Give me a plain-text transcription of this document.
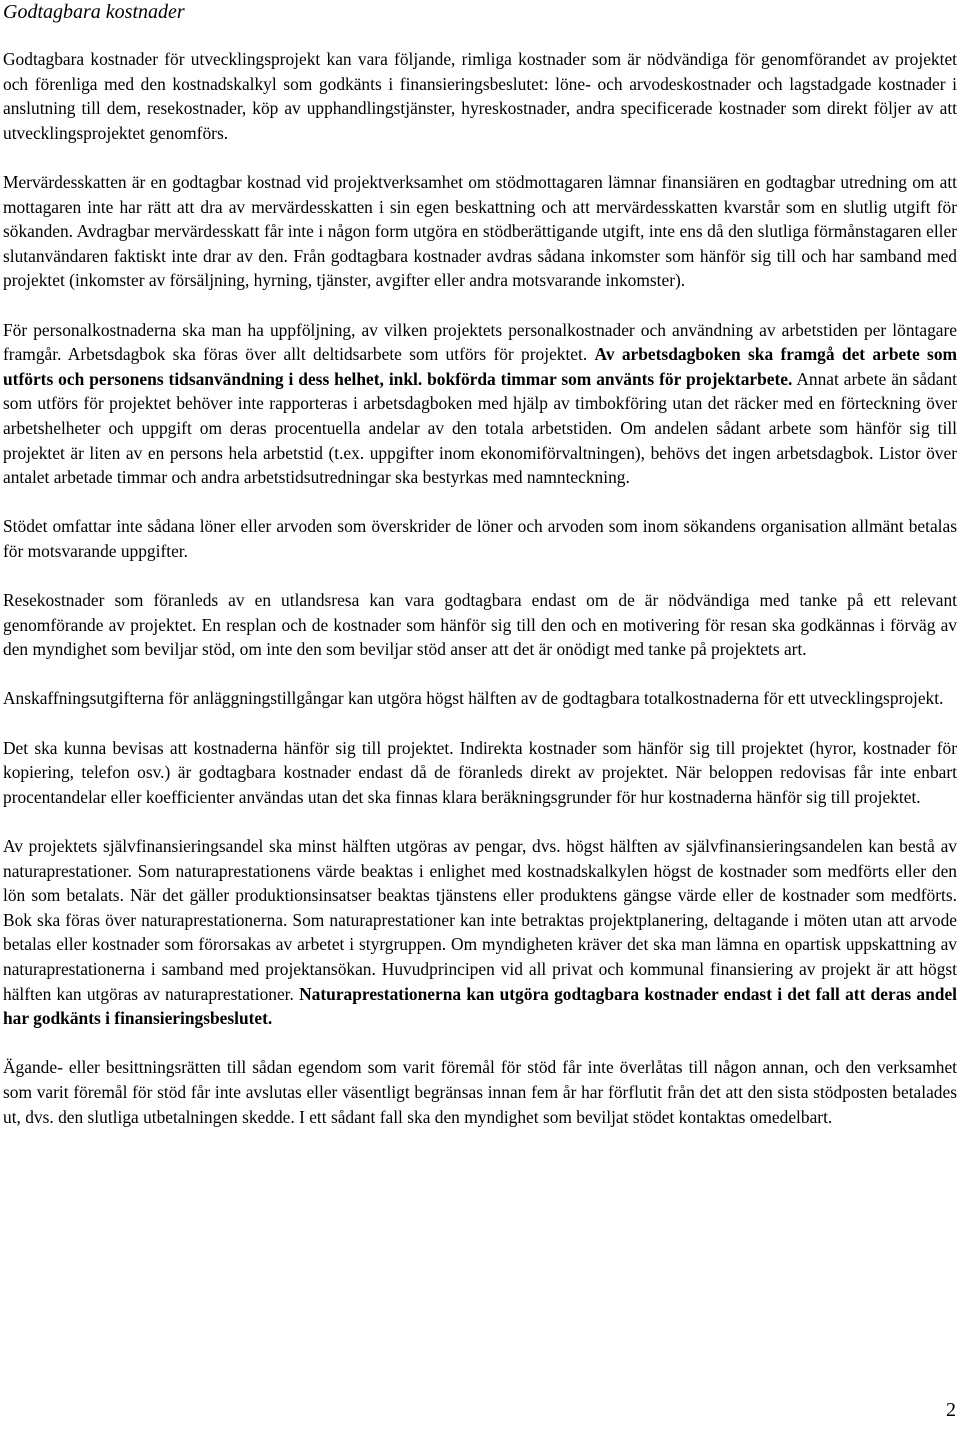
Godtagbara kostnader

Godtagbara kostnader för utvecklingsprojekt kan vara följande, rimliga kostnader som är nödvändiga för genomförandet av projektet och förenliga med den kostnadskalkyl som godkänts i finansieringsbeslutet: löne- och arvodeskostnader och lagstadgade kostnader i anslutning till dem, resekostnader, köp av upphandlingstjänster, hyreskostnader, andra specificerade kostnader som direkt följer av att utvecklingsprojektet genomförs.

Mervärdesskatten är en godtagbar kostnad vid projektverksamhet om stödmottagaren lämnar finansiären en godtagbar utredning om att mottagaren inte har rätt att dra av mervärdesskatten i sin egen beskattning och att mervärdesskatten kvarstår som en slutlig utgift för sökanden. Avdragbar mervärdesskatt får inte i någon form utgöra en stödberättigande utgift, inte ens då den slutliga förmånstagaren eller slutanvändaren faktiskt inte drar av den. Från godtagbara kostnader avdras sådana inkomster som hänför sig till och har samband med projektet (inkomster av försäljning, hyrning, tjänster, avgifter eller andra motsvarande inkomster).

För personalkostnaderna ska man ha uppföljning, av vilken projektets personalkostnader och användning av arbetstiden per löntagare framgår. Arbetsdagbok ska föras över allt deltidsarbete som utförs för projektet. Av arbetsdagboken ska framgå det arbete som utförts och personens tidsanvändning i dess helhet, inkl. bokförda timmar som använts för projektarbete. Annat arbete än sådant som utförs för projektet behöver inte rapporteras i arbetsdagboken med hjälp av timbokföring utan det räcker med en förteckning över arbetshelheter och uppgift om deras procentuella andelar av den totala arbetstiden. Om andelen sådant arbete som hänför sig till projektet är liten av en persons hela arbetstid (t.ex. uppgifter inom ekonomiförvaltningen), behövs det ingen arbetsdagbok. Listor över antalet arbetade timmar och andra arbetstidsutredningar ska bestyrkas med namnteckning.

Stödet omfattar inte sådana löner eller arvoden som överskrider de löner och arvoden som inom sökandens organisation allmänt betalas för motsvarande uppgifter.

Resekostnader som föranleds av en utlandsresa kan vara godtagbara endast om de är nödvändiga med tanke på ett relevant genomförande av projektet. En resplan och de kostnader som hänför sig till den och en motivering för resan ska godkännas i förväg av den myndighet som beviljar stöd, om inte den som beviljar stöd anser att det är onödigt med tanke på projektets art.

Anskaffningsutgifterna för anläggningstillgångar kan utgöra högst hälften av de godtagbara totalkostnaderna för ett utvecklingsprojekt.

Det ska kunna bevisas att kostnaderna hänför sig till projektet. Indirekta kostnader som hänför sig till projektet (hyror, kostnader för kopiering, telefon osv.) är godtagbara kostnader endast då de föranleds direkt av projektet. När beloppen redovisas får inte enbart procentandelar eller koefficienter användas utan det ska finnas klara beräkningsgrunder för hur kostnaderna hänför sig till projektet.

Av projektets självfinansieringsandel ska minst hälften utgöras av pengar, dvs. högst hälften av självfinansieringsandelen kan bestå av naturaprestationer. Som naturaprestationens värde beaktas i enlighet med kostnadskalkylen högst de kostnader som medförts eller den lön som betalats. När det gäller produktionsinsatser beaktas tjänstens eller produktens gängse värde eller de kostnader som medförts. Bok ska föras över naturaprestationerna. Som naturaprestationer kan inte betraktas projektplanering, deltagande i möten utan att arvode betalas eller kostnader som förorsakas av arbetet i styrgruppen. Om myndigheten kräver det ska man lämna en opartisk uppskattning av naturaprestationerna i samband med projektansökan. Huvudprincipen vid all privat och kommunal finansiering av projekt är att högst hälften kan utgöras av naturaprestationer. Naturaprestationerna kan utgöra godtagbara kostnader endast i det fall att deras andel har godkänts i finansieringsbeslutet.

Ägande- eller besittningsrätten till sådan egendom som varit föremål för stöd får inte överlåtas till någon annan, och den verksamhet som varit föremål för stöd får inte avslutas eller väsentligt begränsas innan fem år har förflutit från det att den sista stödposten betalades ut, dvs. den slutliga utbetalningen skedde. I ett sådant fall ska den myndighet som beviljat stödet kontaktas omedelbart.

2
